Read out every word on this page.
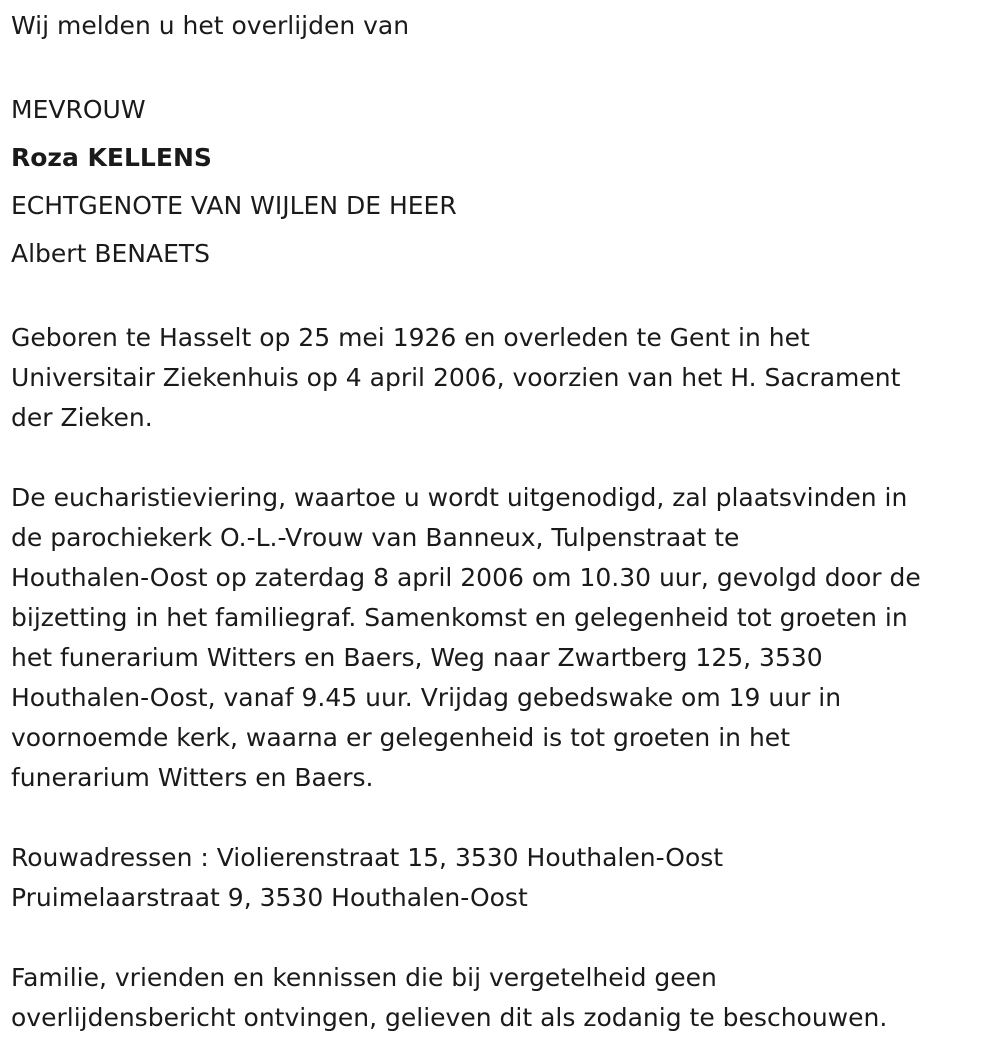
Wij melden u het overlijden van
MEVROUW
Roza KELLENS
ECHTGENOTE VAN WIJLEN DE HEER
Albert BENAETS
Geboren te Hasselt op 25 mei 1926 en overleden te Gent in het
Universitair Ziekenhuis op 4 april 2006, voorzien van het H. Sacrament
der Zieken.
De eucharistieviering, waartoe u wordt uitgenodigd, zal plaatsvinden in
de parochiekerk O.-L.-Vrouw van Banneux, Tulpenstraat te
Houthalen-Oost op zaterdag 8 april 2006 om 10.30 uur, gevolgd door de
bijzetting in het familiegraf. Samenkomst en gelegenheid tot groeten in
het funerarium Witters en Baers, Weg naar Zwartberg 125, 3530
Houthalen-Oost, vanaf 9.45 uur. Vrijdag gebedswake om 19 uur in
voornoemde kerk, waarna er gelegenheid is tot groeten in het
funerarium Witters en Baers.
Rouwadressen : Violierenstraat 15, 3530 Houthalen-Oost
Pruimelaarstraat 9, 3530 Houthalen-Oost
Familie, vrienden en kennissen die bij vergetelheid geen
overlijdensbericht ontvingen, gelieven dit als zodanig te beschouwen.
